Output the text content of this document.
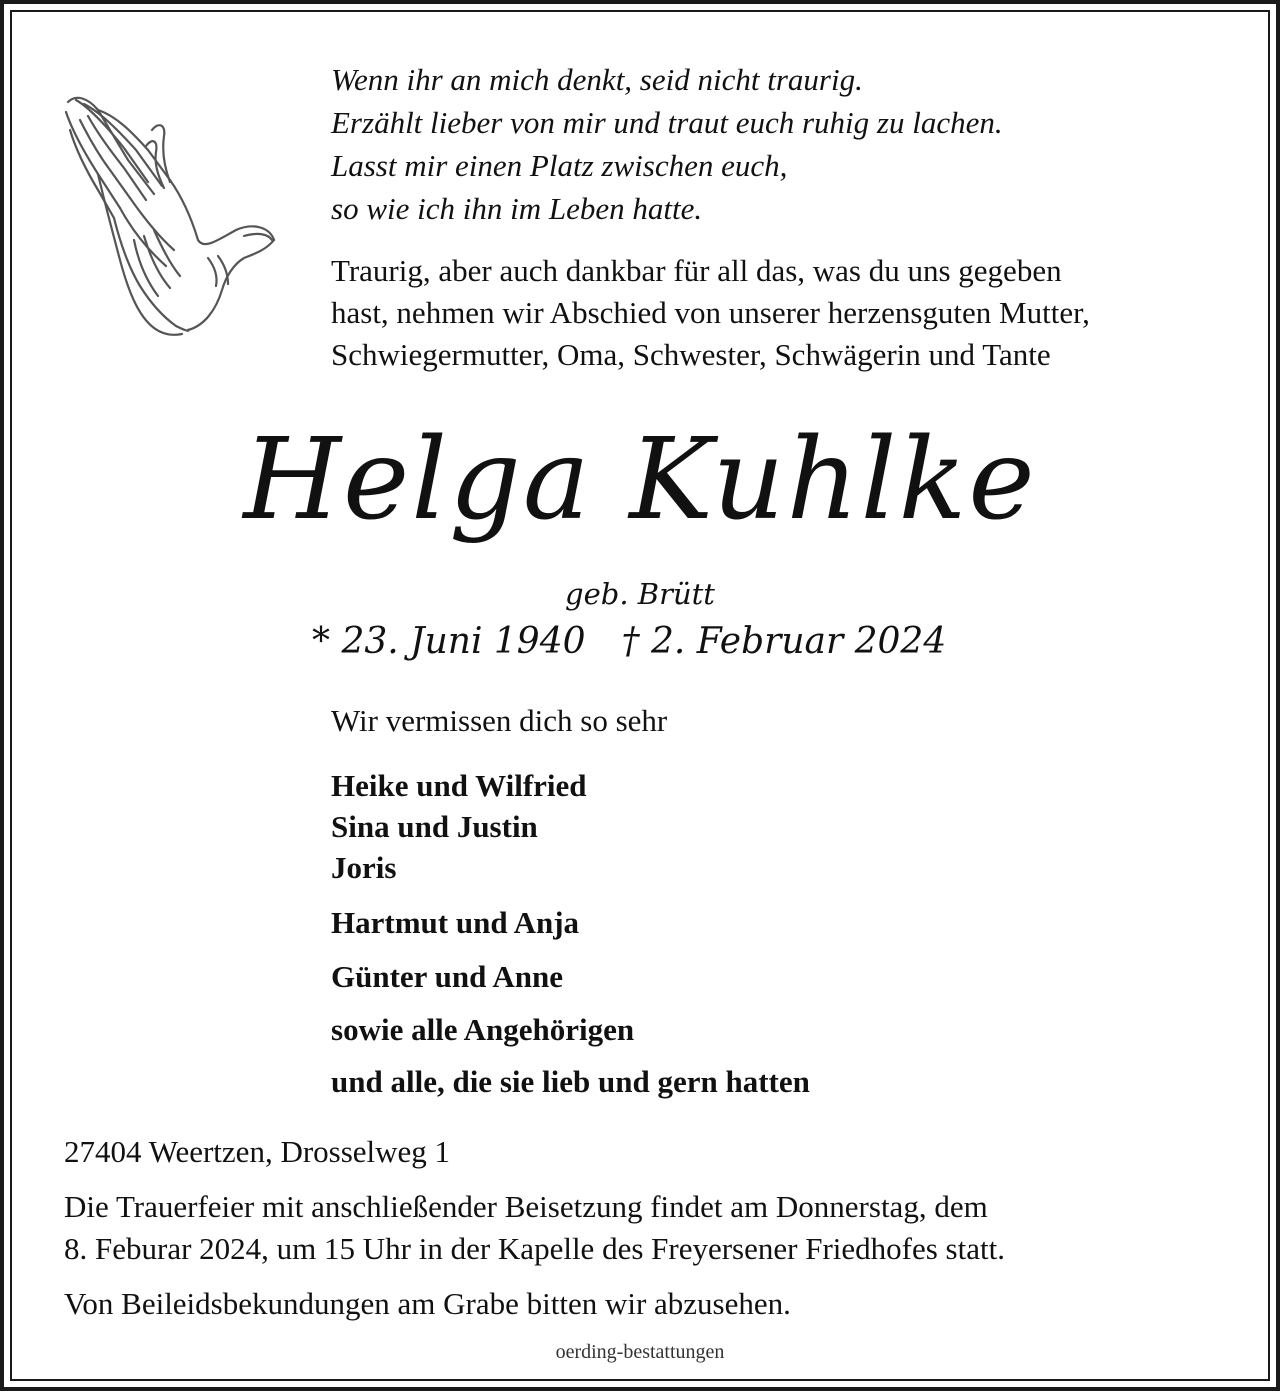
Wenn ihr an mich denkt, seid nicht traurig.
Erzählt lieber von mir und traut euch ruhig zu lachen.
Lasst mir einen Platz zwischen euch,
so wie ich ihn im Leben hatte.
Traurig, aber auch dankbar für all das, was du uns gegeben
hast, nehmen wir Abschied von unserer herzensguten Mutter,
Schwiegermutter, Oma, Schwester, Schwägerin und Tante
Helga Kuhlke
geb. Brütt
* 23. Juni 1940 † 2. Februar 2024
Wir vermissen dich so sehr
Heike und Wilfried
Sina und Justin
Joris
Hartmut und Anja
Günter und Anne
sowie alle Angehörigen
und alle, die sie lieb und gern hatten
27404 Weertzen, Drosselweg 1
Die Trauerfeier mit anschließender Beisetzung findet am Donnerstag, dem
8. Feburar 2024, um 15 Uhr in der Kapelle des Freyersener Friedhofes statt.
Von Beileidsbekundungen am Grabe bitten wir abzusehen.
oerding-bestattungen
